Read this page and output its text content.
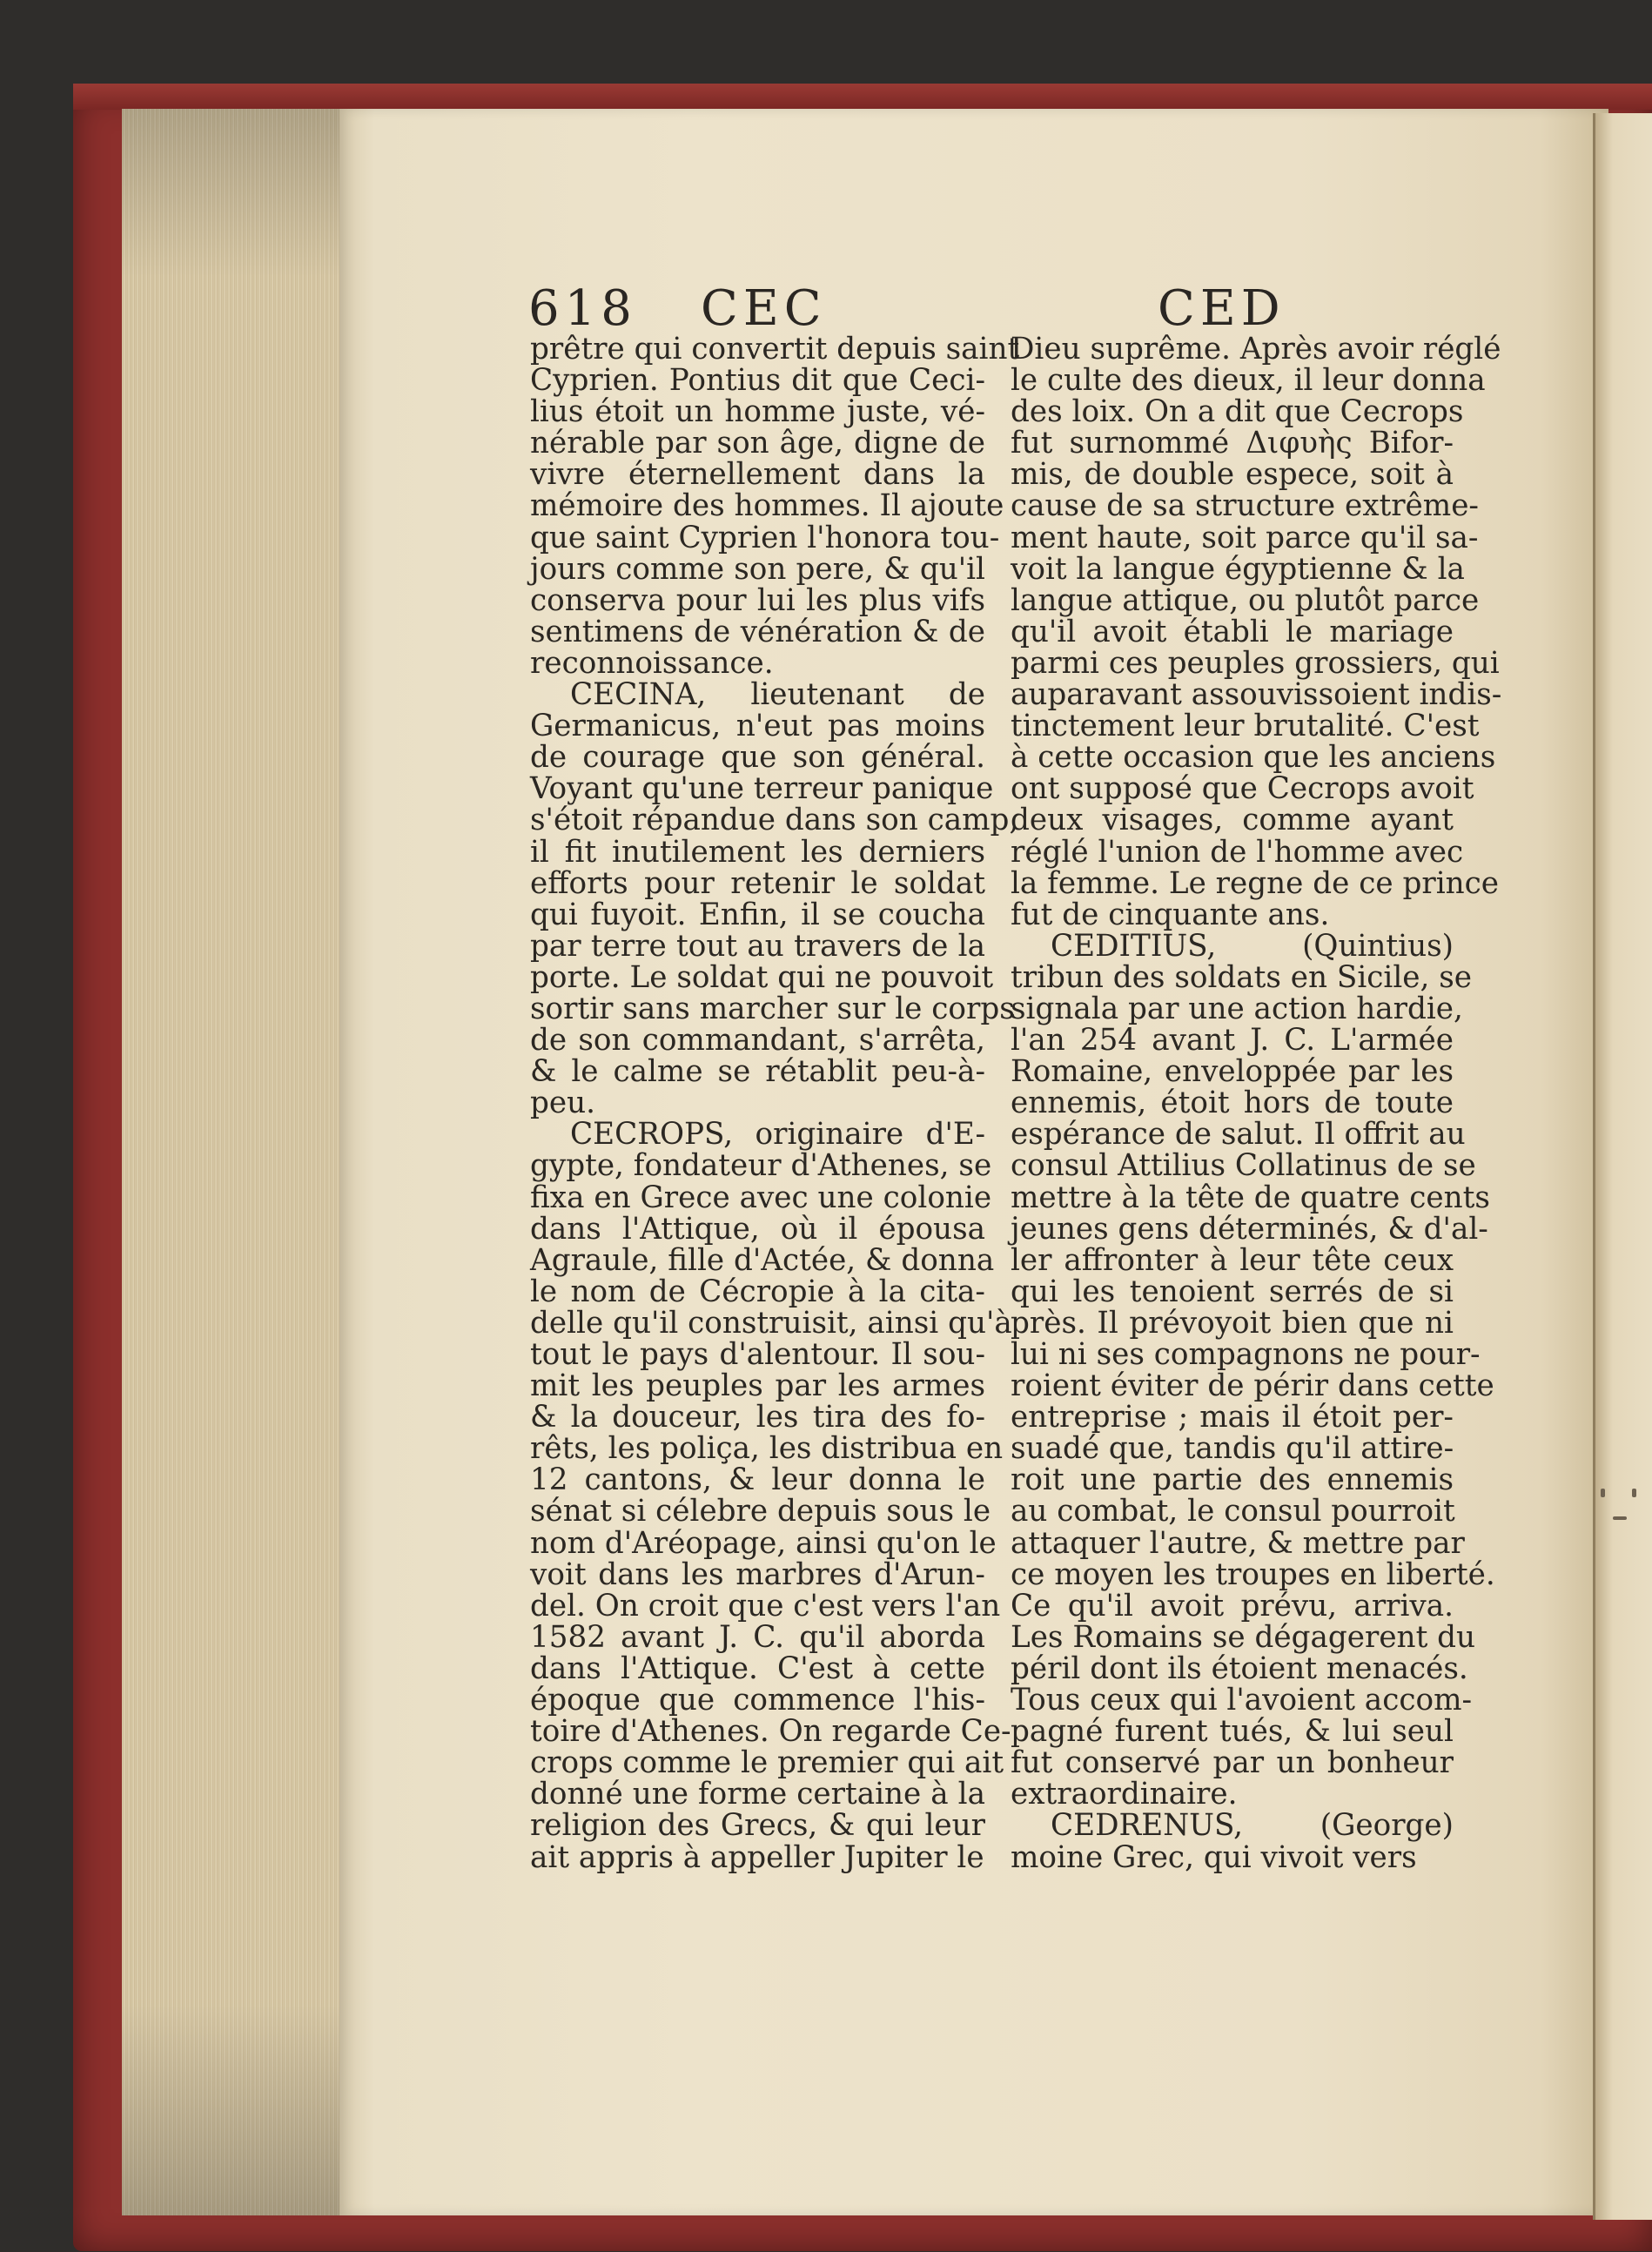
618 CEC	CED
prêtre qui convertit depuis saint
Cyprien. Pontius dit que Ceci-
lius étoit un homme juste, vé-
nérable par son âge, digne de
vivre éternellement dans la
mémoire des hommes. Il ajoute
que saint Cyprien l'honora tou-
jours comme son pere, & qu'il
conserva pour lui les plus vifs
sentimens de vénération & de
reconnoissance.
CECINA, lieutenant de
Germanicus, n'eut pas moins
de courage que son général.
Voyant qu'une terreur panique
s'étoit répandue dans son camp,
il fit inutilement les derniers
efforts pour retenir le soldat
qui fuyoit. Enfin, il se coucha
par terre tout au travers de la
porte. Le soldat qui ne pouvoit
sortir sans marcher sur le corps
de son commandant, s'arrêta,
& le calme se rétablit peu-à-
peu.
CECROPS, originaire d'E-
gypte, fondateur d'Athenes, se
fixa en Grece avec une colonie
dans l'Attique, où il épousa
Agraule, fille d'Actée, & donna
le nom de Cécropie à la cita-
delle qu'il construisit, ainsi qu'à
tout le pays d'alentour. Il sou-
mit les peuples par les armes
& la douceur, les tira des fo-
rêts, les poliça, les distribua en
12 cantons, & leur donna le
sénat si célebre depuis sous le
nom d'Aréopage, ainsi qu'on le
voit dans les marbres d'Arun-
del. On croit que c'est vers l'an
1582 avant J. C. qu'il aborda
dans l'Attique. C'est à cette
époque que commence l'his-
toire d'Athenes. On regarde Ce-
crops comme le premier qui ait
donné une forme certaine à la
religion des Grecs, & qui leur
ait appris à appeller Jupiter le
Dieu suprême. Après avoir réglé
le culte des dieux, il leur donna
des loix. On a dit que Cecrops
fut surnommé Διφυὴς Bifor-
mis, de double espece, soit à
cause de sa structure extrême-
ment haute, soit parce qu'il sa-
voit la langue égyptienne & la
langue attique, ou plutôt parce
qu'il avoit établi le mariage
parmi ces peuples grossiers, qui
auparavant assouvissoient indis-
tinctement leur brutalité. C'est
à cette occasion que les anciens
ont supposé que Cecrops avoit
deux visages, comme ayant
réglé l'union de l'homme avec
la femme. Le regne de ce prince
fut de cinquante ans.
CEDITIUS, (Quintius)
tribun des soldats en Sicile, se
signala par une action hardie,
l'an 254 avant J. C. L'armée
Romaine, enveloppée par les
ennemis, étoit hors de toute
espérance de salut. Il offrit au
consul Attilius Collatinus de se
mettre à la tête de quatre cents
jeunes gens déterminés, & d'al-
ler affronter à leur tête ceux
qui les tenoient serrés de si
près. Il prévoyoit bien que ni
lui ni ses compagnons ne pour-
roient éviter de périr dans cette
entreprise ; mais il étoit per-
suadé que, tandis qu'il attire-
roit une partie des ennemis
au combat, le consul pourroit
attaquer l'autre, & mettre par
ce moyen les troupes en liberté.
Ce qu'il avoit prévu, arriva.
Les Romains se dégagerent du
péril dont ils étoient menacés.
Tous ceux qui l'avoient accom-
pagné furent tués, & lui seul
fut conservé par un bonheur
extraordinaire.
CEDRENUS, (George)
moine Grec, qui vivoit vers
